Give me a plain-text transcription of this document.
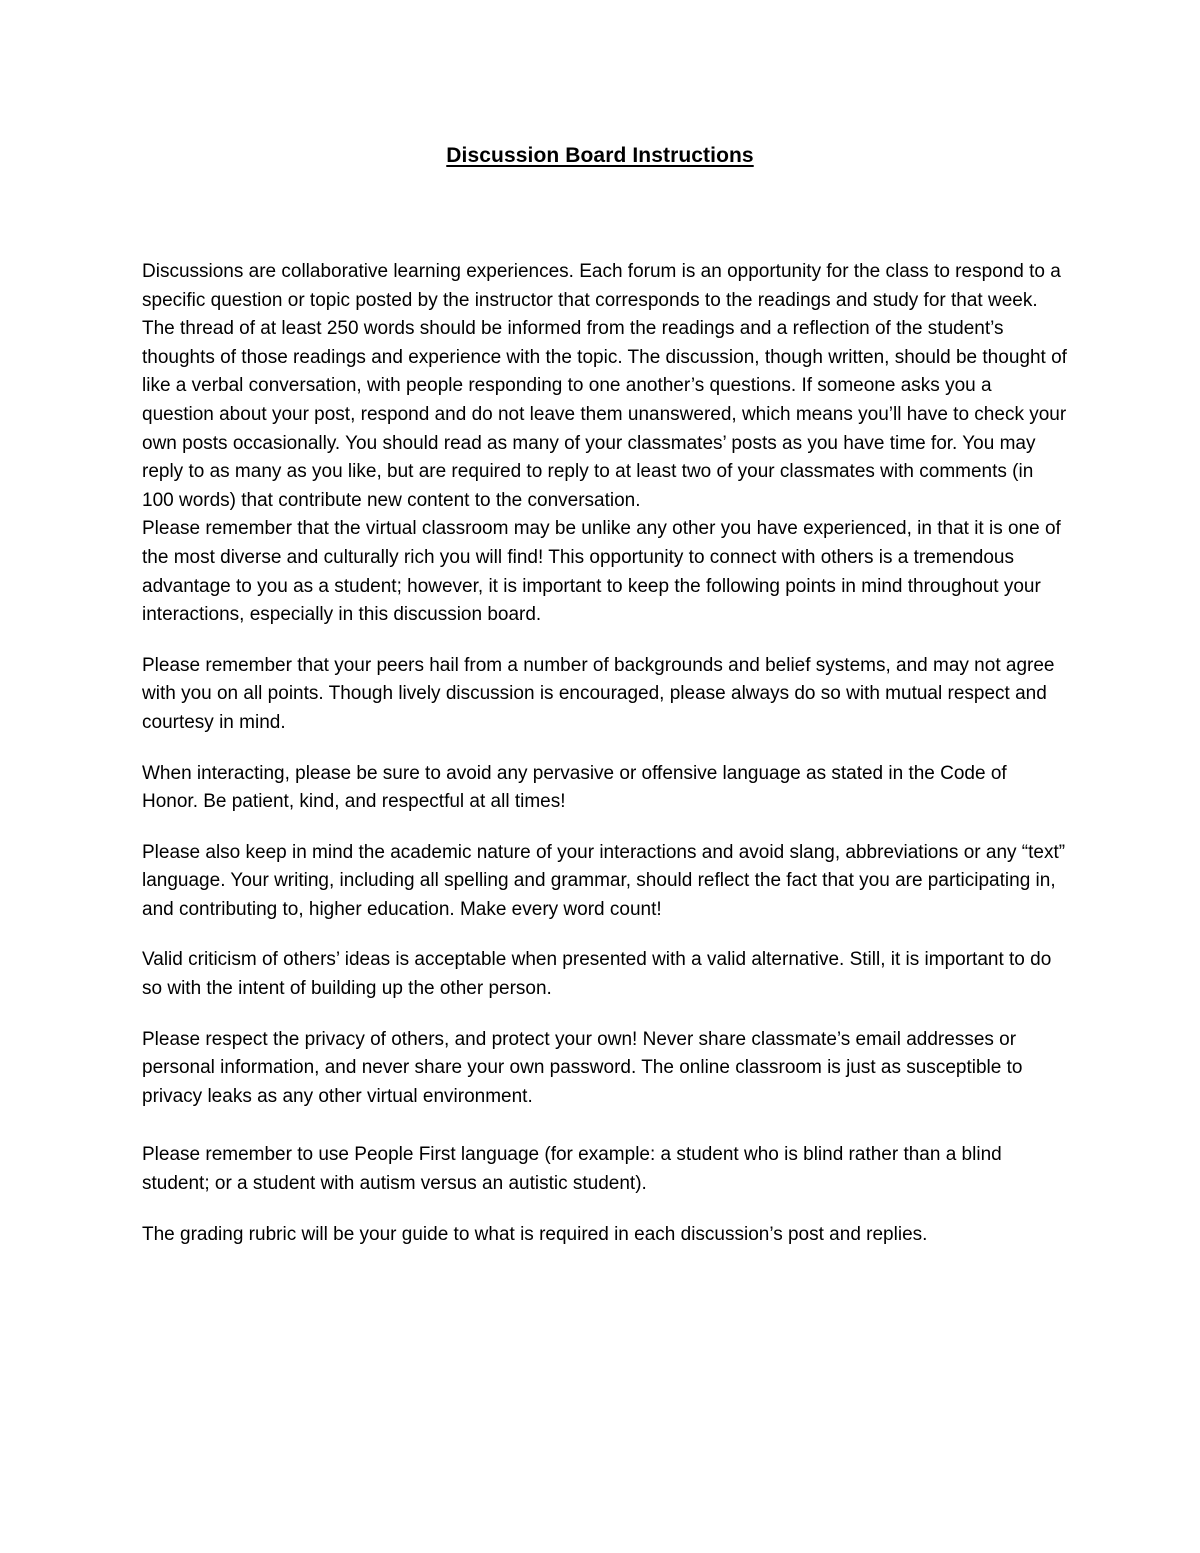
Discussion Board Instructions

Discussions are collaborative learning experiences. Each forum is an opportunity for the class to respond to a specific question or topic posted by the instructor that corresponds to the readings and study for that week. The thread of at least 250 words should be informed from the readings and a reflection of the student’s thoughts of those readings and experience with the topic. The discussion, though written, should be thought of like a verbal conversation, with people responding to one another’s questions. If someone asks you a question about your post, respond and do not leave them unanswered, which means you’ll have to check your own posts occasionally. You should read as many of your classmates’ posts as you have time for. You may reply to as many as you like, but are required to reply to at least two of your classmates with comments (in 100 words) that contribute new content to the conversation.

Please remember that the virtual classroom may be unlike any other you have experienced, in that it is one of the most diverse and culturally rich you will find! This opportunity to connect with others is a tremendous advantage to you as a student; however, it is important to keep the following points in mind throughout your interactions, especially in this discussion board.

Please remember that your peers hail from a number of backgrounds and belief systems, and may not agree with you on all points. Though lively discussion is encouraged, please always do so with mutual respect and courtesy in mind.

When interacting, please be sure to avoid any pervasive or offensive language as stated in the Code of Honor. Be patient, kind, and respectful at all times!

Please also keep in mind the academic nature of your interactions and avoid slang, abbreviations or any “text” language. Your writing, including all spelling and grammar, should reflect the fact that you are participating in, and contributing to, higher education. Make every word count!

Valid criticism of others’ ideas is acceptable when presented with a valid alternative. Still, it is important to do so with the intent of building up the other person.

Please respect the privacy of others, and protect your own! Never share classmate’s email addresses or personal information, and never share your own password. The online classroom is just as susceptible to privacy leaks as any other virtual environment.

Please remember to use People First language (for example: a student who is blind rather than a blind student; or a student with autism versus an autistic student).

The grading rubric will be your guide to what is required in each discussion’s post and replies.
